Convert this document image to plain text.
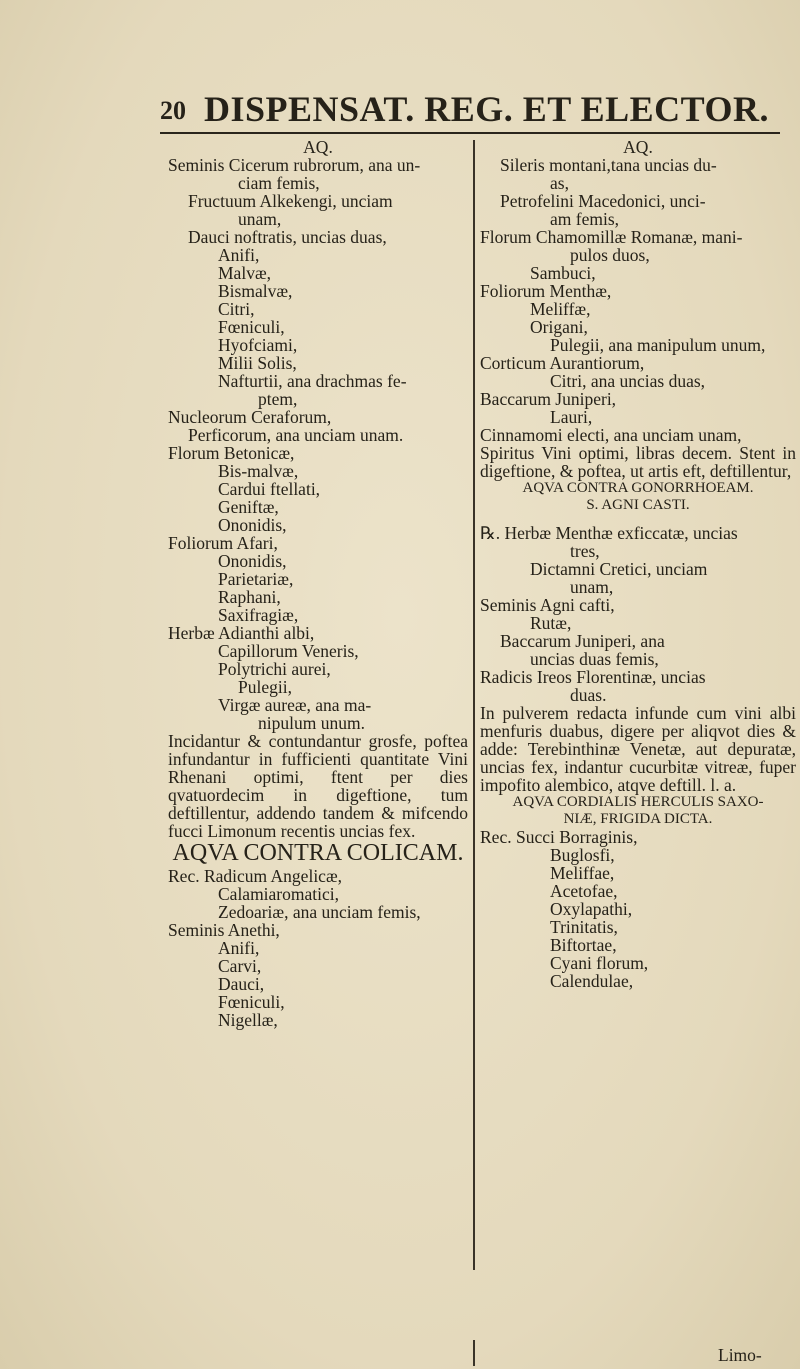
20 DISPENSAT. REG. ET ELECTOR.

AQ.

Seminis Cicerum rubrorum, ana un-

ciam femis,

Fructuum Alkekengi, unciam

unam,

Dauci noftratis, uncias duas,

Anifi,

Malvæ,

Bismalvæ,

Citri,

Fœniculi,

Hyofciami,

Milii Solis,

Nafturtii, ana drachmas fe-

ptem,

Nucleorum Ceraforum,

Perficorum, ana unciam unam.

Florum Betonicæ,

Bis-malvæ,

Cardui ftellati,

Geniftæ,

Ononidis,

Foliorum Afari,

Ononidis,

Parietariæ,

Raphani,

Saxifragiæ,

Herbæ Adianthi albi,

Capillorum Veneris,

Polytrichi aurei,

Pulegii,

Virgæ aureæ, ana ma-

nipulum unum.

Incidantur & contundantur grosfe, poftea infundantur in fufficienti quantitate Vini Rhenani optimi, ftent per dies qvatuordecim in digeftione, tum deftillentur, addendo tandem & mifcendo fucci Limonum recentis uncias fex.

AQVA CONTRA COLICAM.

Rec. Radicum Angelicæ,

Calamiaromatici,

Zedoariæ, ana unciam femis,

Seminis Anethi,

Anifi,

Carvi,

Dauci,

Fœniculi,

Nigellæ,

AQ.

Sileris montani,tana uncias du-

as,

Petrofelini Macedonici, unci-

am femis,

Florum Chamomillæ Romanæ, mani-

pulos duos,

Sambuci,

Foliorum Menthæ,

Meliffæ,

Origani,

Pulegii, ana manipulum unum,

Corticum Aurantiorum,

Citri, ana uncias duas,

Baccarum Juniperi,

Lauri,

Cinnamomi electi, ana unciam unam,

Spiritus Vini optimi, libras decem. Stent in digeftione, & poftea, ut artis eft, deftillentur,

AQVA CONTRA GONORRHOEAM.
S. AGNI CASTI.

℞. Herbæ Menthæ exficcatæ, uncias

tres,

Dictamni Cretici, unciam

unam,

Seminis Agni cafti,

Rutæ,

Baccarum Juniperi, ana

uncias duas femis,

Radicis Ireos Florentinæ, uncias

duas.

In pulverem redacta infunde cum vini albi menfuris duabus, digere per aliqvot dies & adde: Terebinthinæ Venetæ, aut depuratæ, uncias fex, indantur cucurbitæ vitreæ, fuper impofito alembico, atqve deftill. l. a.

AQVA CORDIALIS HERCULIS SAXO-
NIÆ, FRIGIDA DICTA.

Rec. Succi Borraginis,

Buglosfi,

Meliffae,

Acetofae,

Oxylapathi,

Trinitatis,

Biftortae,

Cyani florum,

Calendulae,

Limo-
